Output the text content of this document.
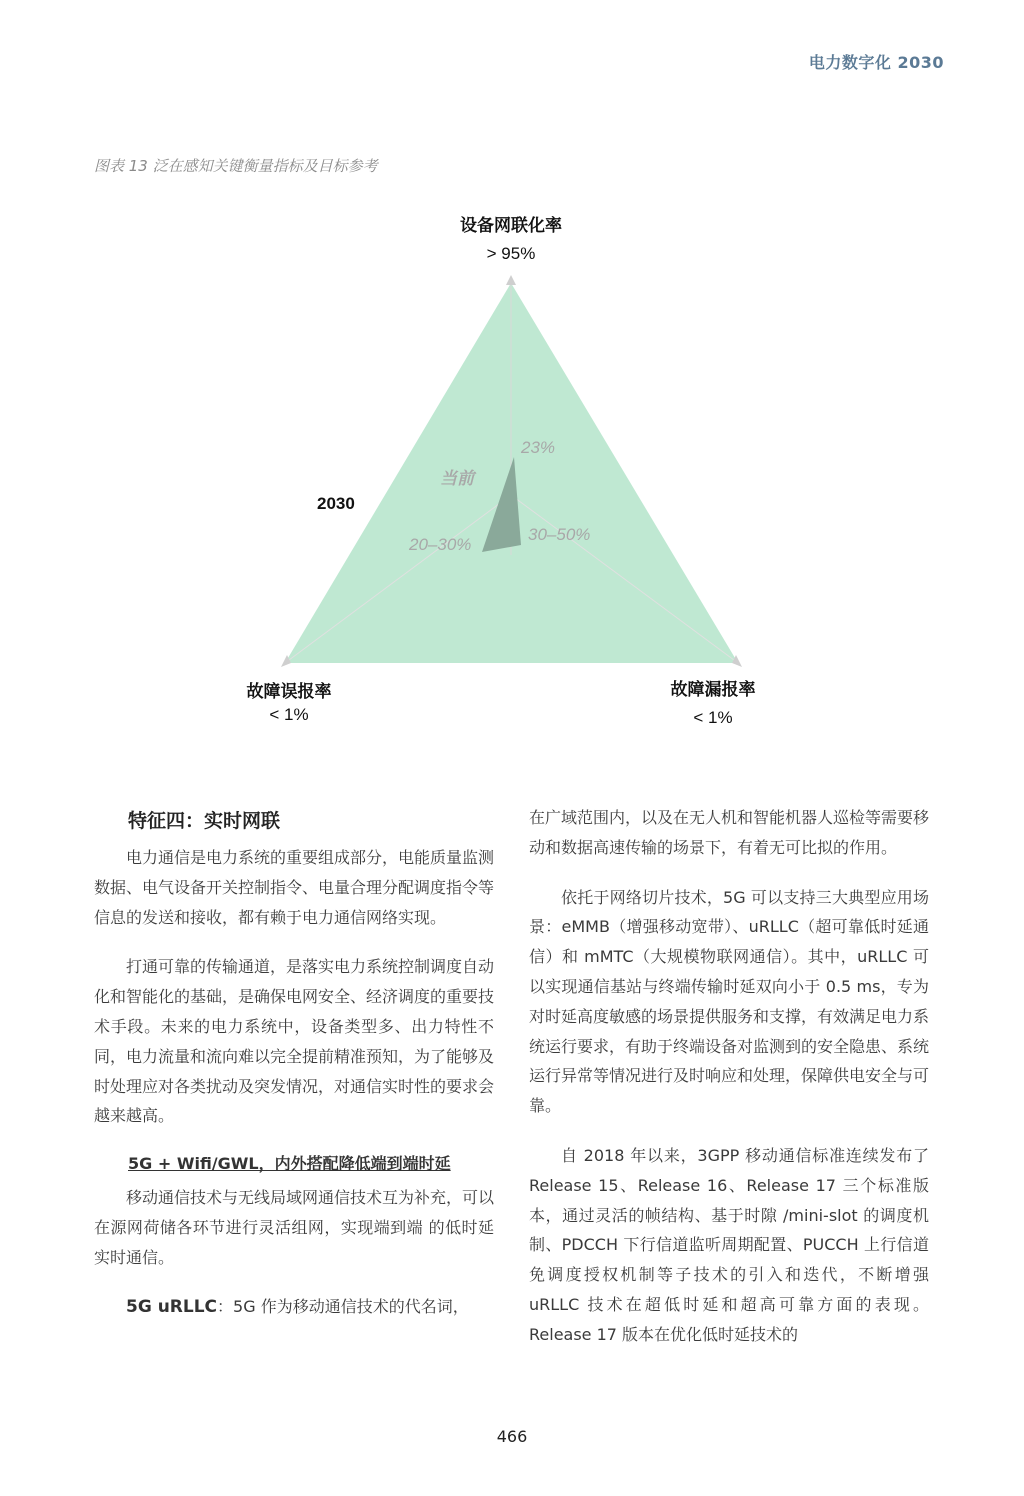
电力数字化 2030
图表 13 泛在感知关键衡量指标及目标参考
设备网联化率
> 95%
故障误报率
< 1%
故障漏报率
< 1%
23%
20–30%
30–50%
当前
2030
特征四：实时网联

电力通信是电力系统的重要组成部分，电能质量监测数据、电气设备开关控制指令、电量合理分配调度指令等信息的发送和接收，都有赖于电力通信网络实现。

打通可靠的传输通道，是落实电力系统控制调度自动化和智能化的基础，是确保电网安全、经济调度的重要技术手段。未来的电力系统中，设备类型多、出力特性不同，电力流量和流向难以完全提前精准预知，为了能够及时处理应对各类扰动及突发情况，对通信实时性的要求会越来越高。

5G + Wifi/GWL，内外搭配降低端到端时延

移动通信技术与无线局域网通信技术互为补充，可以在源网荷储各环节进行灵活组网，实现端到端 的低时延实时通信。

5G uRLLC：5G 作为移动通信技术的代名词，

在广域范围内，以及在无人机和智能机器人巡检等需要移动和数据高速传输的场景下，有着无可比拟的作用。

依托于网络切片技术，5G 可以支持三大典型应用场景：eMMB（增强移动宽带）、uRLLC（超可靠低时延通信）和 mMTC（大规模物联网通信）。其中，uRLLC 可以实现通信基站与终端传输时延双向小于 0.5 ms，专为对时延高度敏感的场景提供服务和支撑，有效满足电力系统运行要求，有助于终端设备对监测到的安全隐患、系统运行异常等情况进行及时响应和处理，保障供电安全与可靠。

自 2018 年以来，3GPP 移动通信标准连续发布了 Release 15、Release 16、Release 17 三个标准版本，通过灵活的帧结构、基于时隙 /mini-slot 的调度机制、PDCCH 下行信道监听周期配置、PUCCH 上行信道免调度授权机制等子技术的引入和迭代，不断增强 uRLLC 技术在超低时延和超高可靠方面的表现。Release 17 版本在优化低时延技术的

466
